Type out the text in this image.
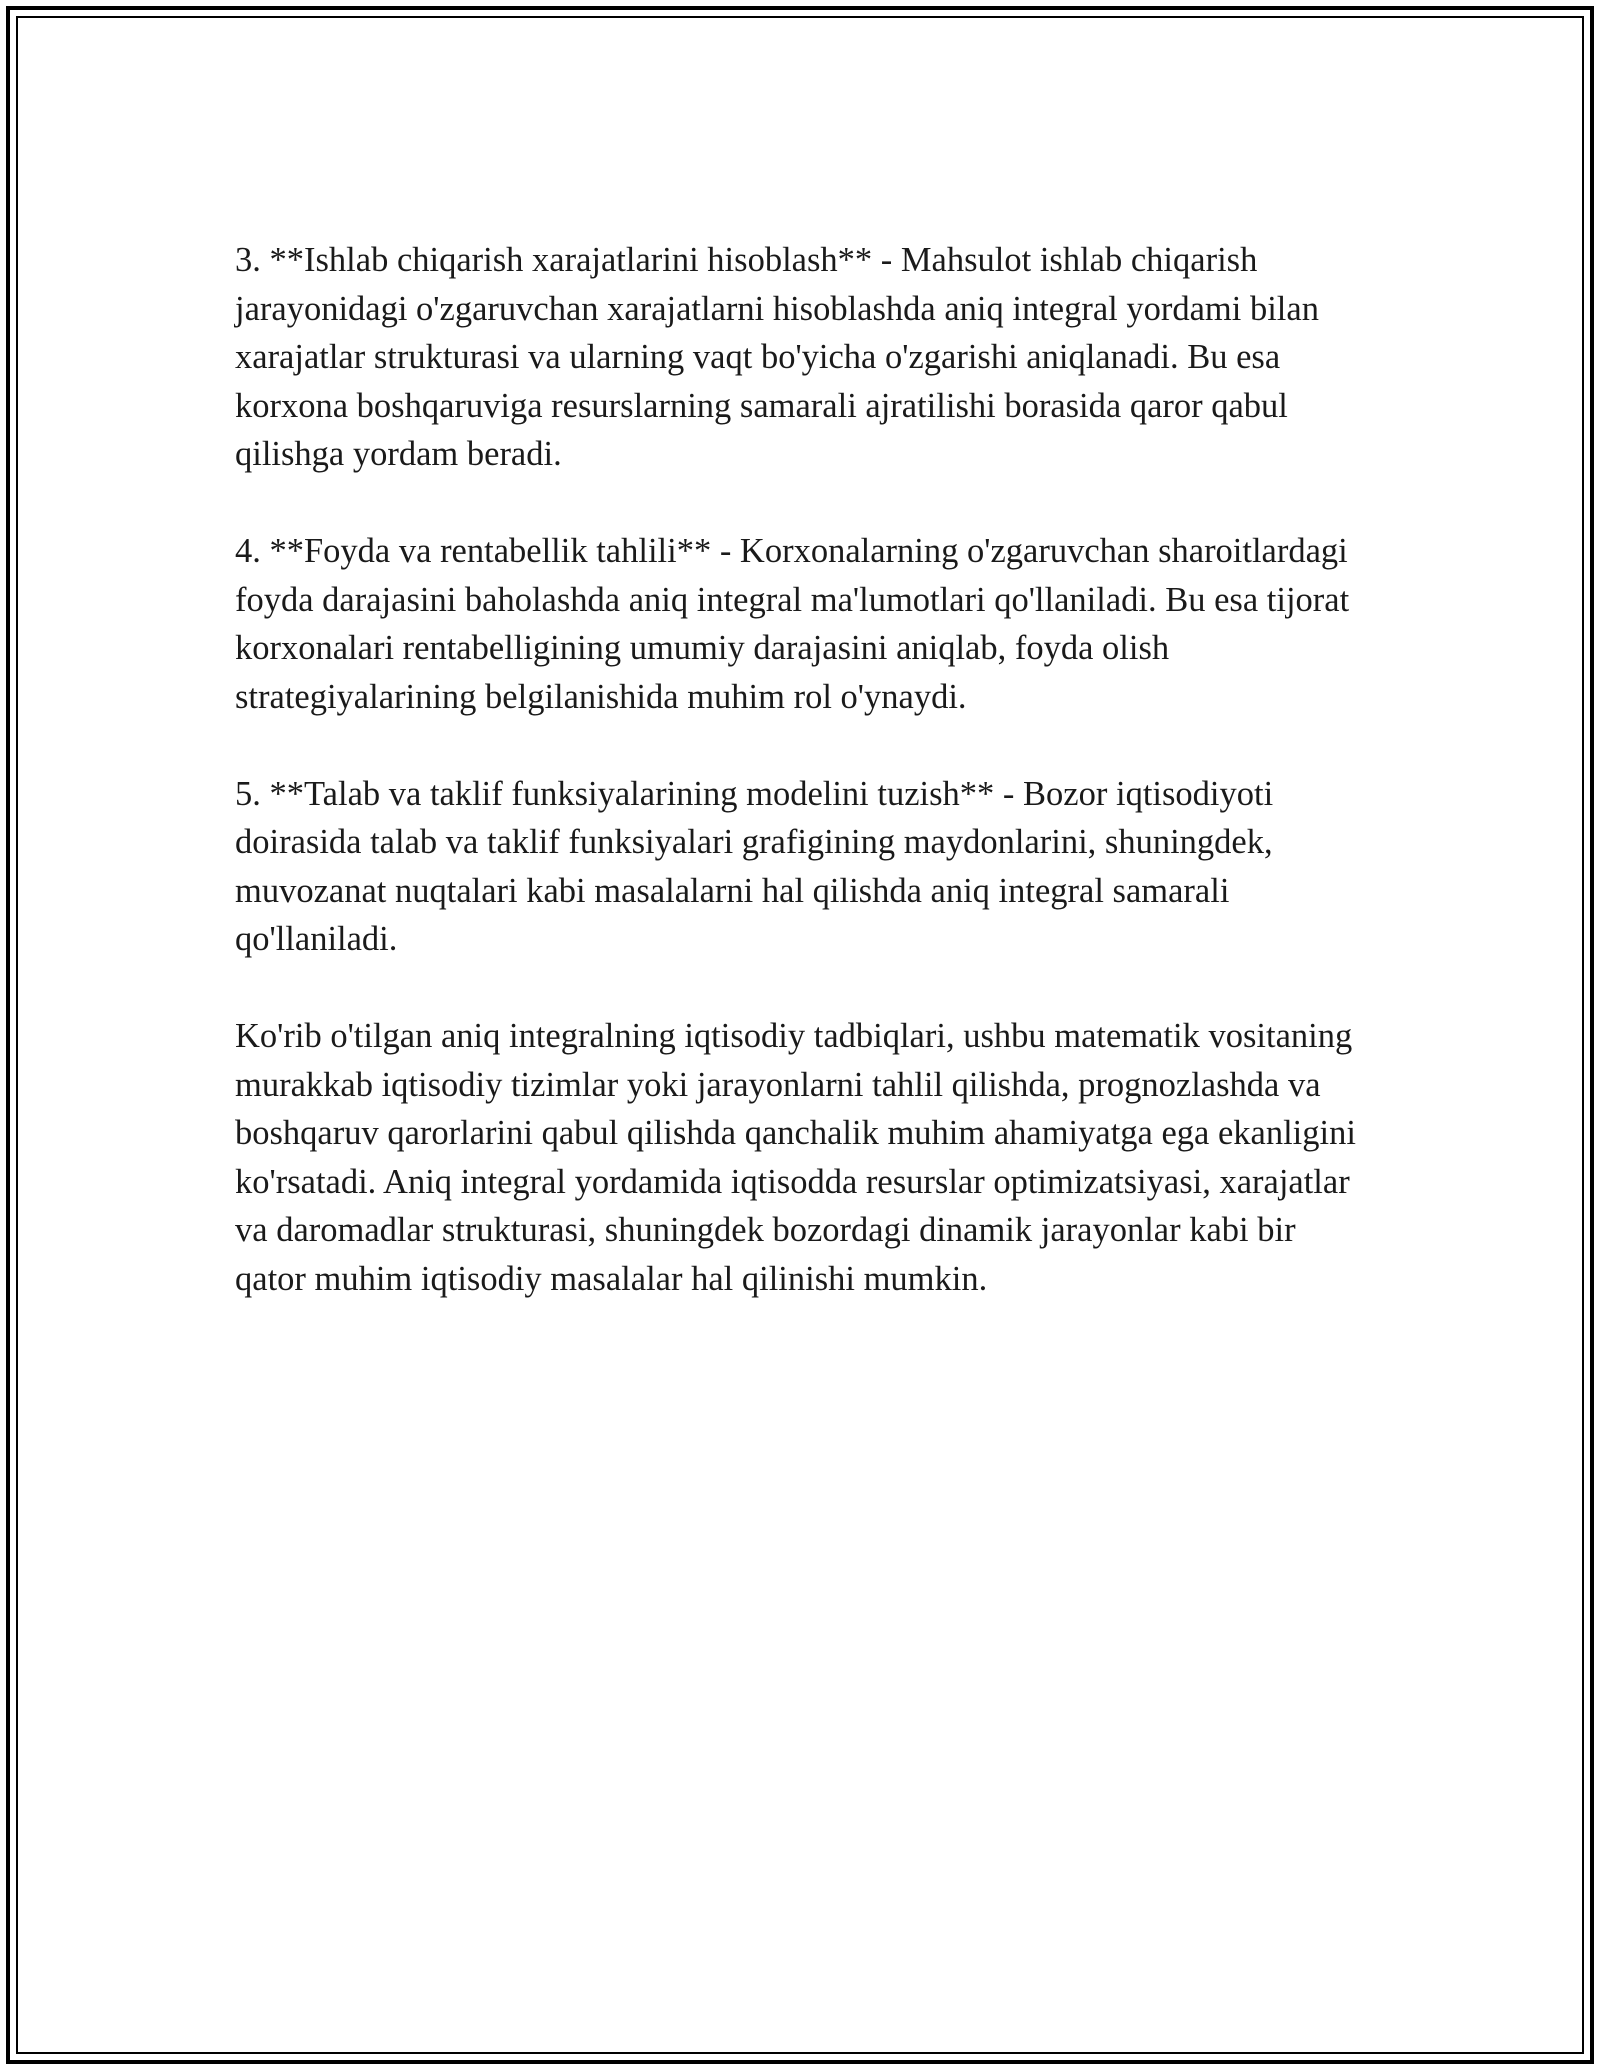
3. **Ishlab chiqarish xarajatlarini hisoblash** - Mahsulot ishlab chiqarish jarayonidagi o'zgaruvchan xarajatlarni hisoblashda aniq integral yordami bilan xarajatlar strukturasi va ularning vaqt bo'yicha o'zgarishi aniqlanadi. Bu esa korxona boshqaruviga resurslarning samarali ajratilishi borasida qaror qabul qilishga yordam beradi.

4. **Foyda va rentabellik tahlili** - Korxonalarning o'zgaruvchan sharoitlardagi foyda darajasini baholashda aniq integral ma'lumotlari qo'llaniladi. Bu esa tijorat korxonalari rentabelligining umumiy darajasini aniqlab, foyda olish strategiyalarining belgilanishida muhim rol o'ynaydi.

5. **Talab va taklif funksiyalarining modelini tuzish** - Bozor iqtisodiyoti doirasida talab va taklif funksiyalari grafigining maydonlarini, shuningdek, muvozanat nuqtalari kabi masalalarni hal qilishda aniq integral samarali qo'llaniladi.

Ko'rib o'tilgan aniq integralning iqtisodiy tadbiqlari, ushbu matematik vositaning murakkab iqtisodiy tizimlar yoki jarayonlarni tahlil qilishda, prognozlashda va boshqaruv qarorlarini qabul qilishda qanchalik muhim ahamiyatga ega ekanligini ko'rsatadi. Aniq integral yordamida iqtisodda resurslar optimizatsiyasi, xarajatlar va daromadlar strukturasi, shuningdek bozordagi dinamik jarayonlar kabi bir qator muhim iqtisodiy masalalar hal qilinishi mumkin.
